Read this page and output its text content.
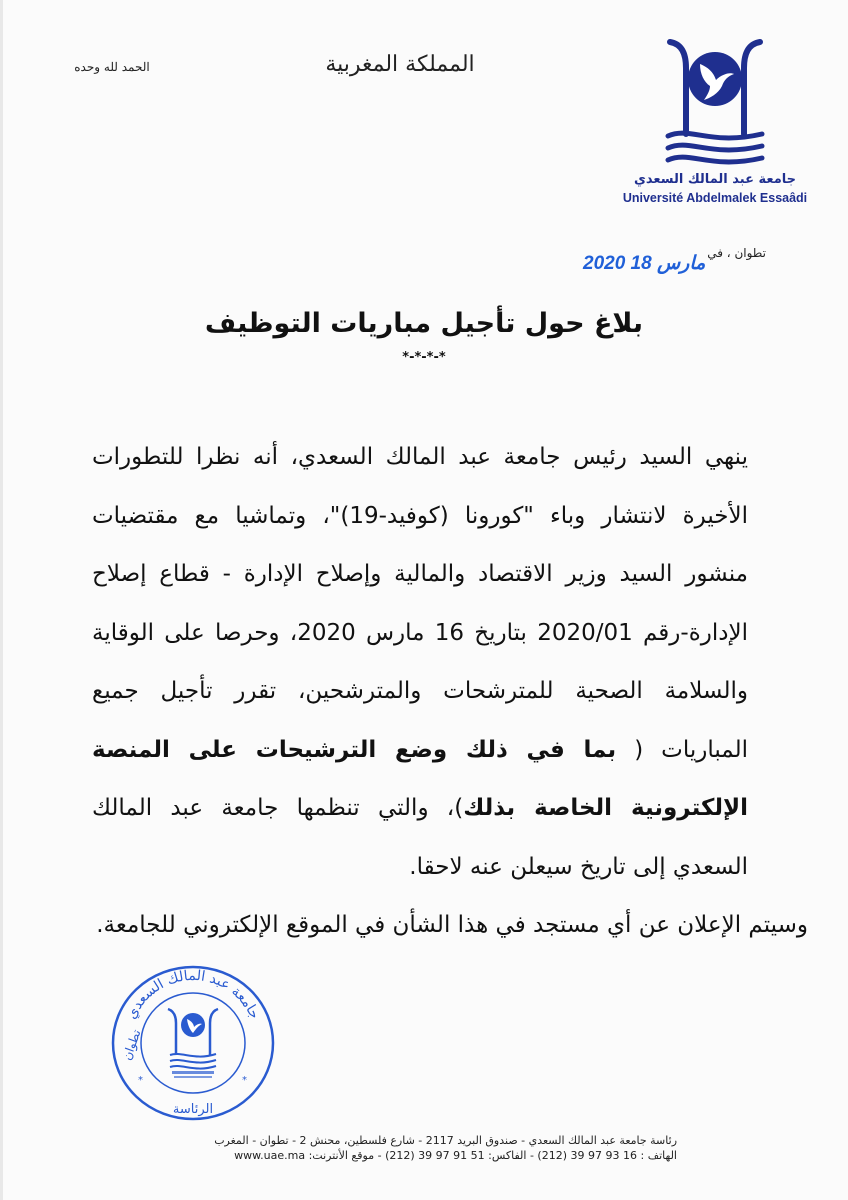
الحمد لله وحده	المملكة المغربية
جامعة عبد المالك السعدي
Université Abdelmalek Essaâdi
تطوان ، في
2020 مارس 18
بلاغ حول تأجيل مباريات التوظيف
*-*-*-*

ينهي السيد رئيس جامعة عبد المالك السعدي، أنه نظرا للتطورات الأخيرة لانتشار وباء "كورونا (كوفيد-19)"، وتماشيا مع مقتضيات منشور السيد وزير الاقتصاد والمالية وإصلاح الإدارة - قطاع إصلاح الإدارة-رقم 2020/01 بتاريخ 16 مارس 2020، وحرصا على الوقاية والسلامة الصحية للمترشحات والمترشحين، تقرر تأجيل جميع المباريات ( بما في ذلك وضع الترشيحات على المنصة الإلكترونية الخاصة بذلك)، والتي تنظمها جامعة عبد المالك السعدي إلى تاريخ سيعلن عنه لاحقا.

وسيتم الإعلان عن أي مستجد في هذا الشأن في الموقع الإلكتروني للجامعة.

جامعة عبد المالك السعدي
تطوان
الرئاسة
*	*
رئاسة جامعة عبد المالك السعدي - صندوق البريد 2117 - شارع فلسطين، محنش 2 - تطوان - المغرب
الهاتف : 16 93 97 39 (212) - الفاكس: 51 91 97 39 (212) - موقع الأنترنت: www.uae.ma
